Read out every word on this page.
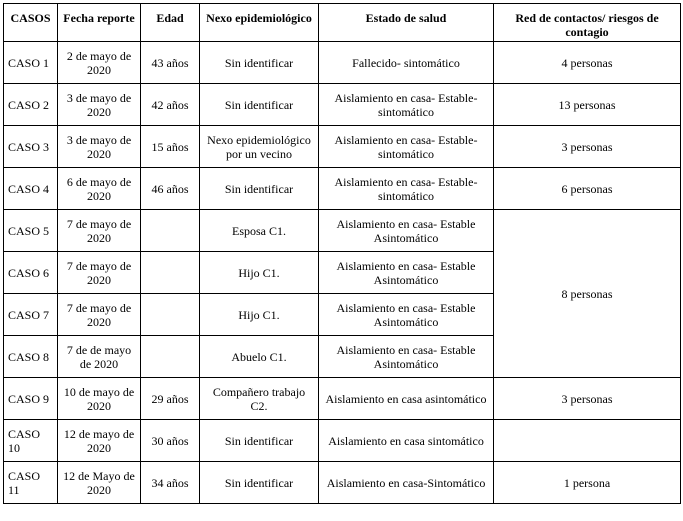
CASOS	Fecha reporte	Edad	Nexo epidemiológico	Estado de salud	Red de contactos/ riesgos de contagio
CASO 1	2 de mayo de 2020	43 años	Sin identificar	Fallecido- sintomático	4 personas
CASO 2	3 de mayo de 2020	42 años	Sin identificar	Aislamiento en casa- Estable- sintomático	13 personas
CASO 3	3 de mayo de 2020	15 años	Nexo epidemiológico por un vecino	Aislamiento en casa- Estable- sintomático	3 personas
CASO 4	6 de mayo de 2020	46 años	Sin identificar	Aislamiento en casa- Estable- sintomático	6 personas
CASO 5	7 de mayo de 2020		Esposa C1.	Aislamiento en casa- Estable Asintomático	8 personas
CASO 6	7 de mayo de 2020		Hijo C1.	Aislamiento en casa- Estable Asintomático	
CASO 7	7 de mayo de 2020		Hijo C1.	Aislamiento en casa- Estable Asintomático	
CASO 8	7 de de mayo de 2020		Abuelo C1.	Aislamiento en casa- Estable Asintomático	
CASO 9	10 de mayo de 2020	29 años	Compañero trabajo C2.	Aislamiento en casa asintomático	3 personas
CASO 10	12 de mayo de 2020	30 años	Sin identificar	Aislamiento en casa sintomático	
CASO 11	12 de Mayo de 2020	34 años	Sin identificar	Aislamiento en casa-Sintomático	1 persona
